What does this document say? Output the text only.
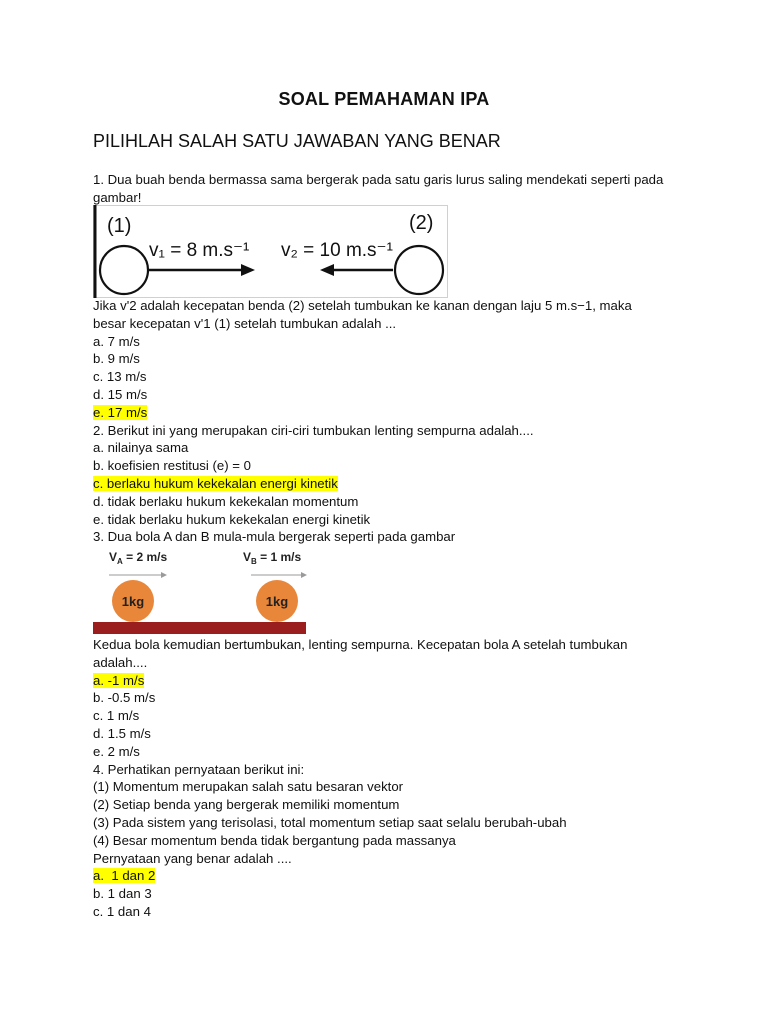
SOAL PEMAHAMAN IPA
PILIHLAH SALAH SATU JAWABAN YANG BENAR
1. Dua buah benda bermassa sama bergerak pada satu garis lurus saling mendekati seperti pada gambar!
(1)	(2)
v₁ = 8 m.s⁻¹ v₂ = 10 m.s⁻¹
Jika v'2 adalah kecepatan benda (2) setelah tumbukan ke kanan dengan laju 5 m.s−1, maka
besar kecepatan v'1 (1) setelah tumbukan adalah ...
a. 7 m/s
b. 9 m/s
c. 13 m/s
d. 15 m/s
e. 17 m/s
2. Berikut ini yang merupakan ciri-ciri tumbukan lenting sempurna adalah....
a. nilainya sama
b. koefisien restitusi (e) = 0
c. berlaku hukum kekekalan energi kinetik
d. tidak berlaku hukum kekekalan momentum
e. tidak berlaku hukum kekekalan energi kinetik
3. Dua bola A dan B mula-mula bergerak seperti pada gambar
$V_A = 2$ m/s	$V_B = 1$ m/s
1kg	1kg
Kedua bola kemudian bertumbukan, lenting sempurna. Kecepatan bola A setelah tumbukan
adalah....
a. -1 m/s
b. -0.5 m/s
c. 1 m/s
d. 1.5 m/s
e. 2 m/s
4. Perhatikan pernyataan berikut ini:
(1) Momentum merupakan salah satu besaran vektor
(2) Setiap benda yang bergerak memiliki momentum
(3) Pada sistem yang terisolasi, total momentum setiap saat selalu berubah-ubah
(4) Besar momentum benda tidak bergantung pada massanya
Pernyataan yang benar adalah ....
a.  1 dan 2
b. 1 dan 3
c. 1 dan 4
